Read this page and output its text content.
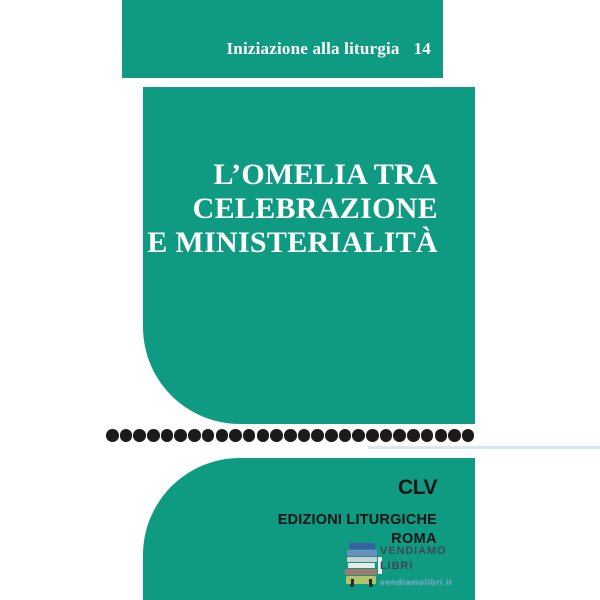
Iniziazione alla liturgia 14
L’OMELIA TRA
CELEBRAZIONE
E MINISTERIALITÀ
CLV
EDIZIONI LITURGICHE
ROMA
VENDIAMO
LIBRI
vendiamolibri.it
